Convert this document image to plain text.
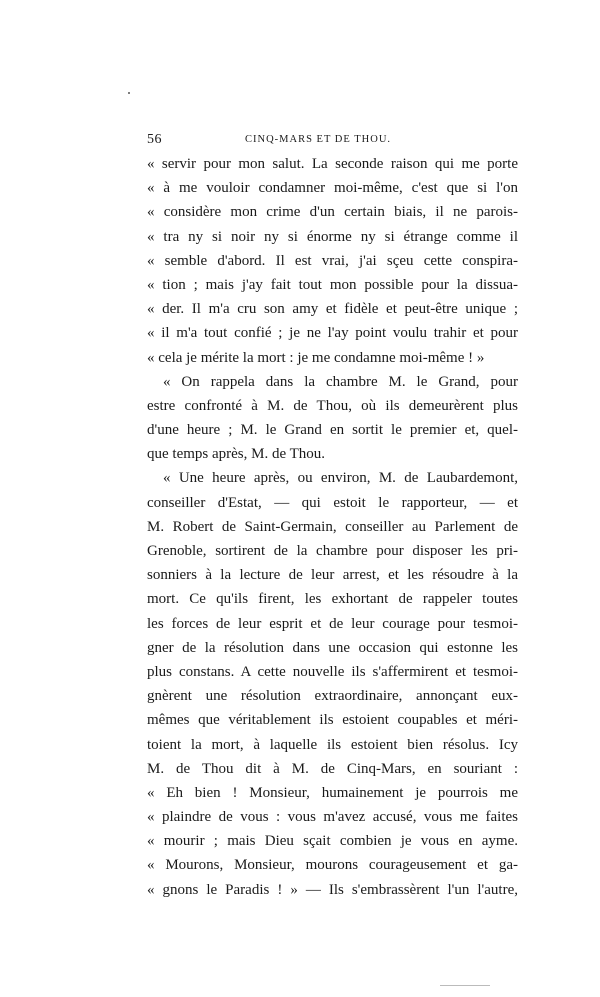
56	CINQ-MARS ET DE THOU.
« servir pour mon salut. La seconde raison qui me porte
« à me vouloir condamner moi-même, c'est que si l'on
« considère mon crime d'un certain biais, il ne parois-
« tra ny si noir ny si énorme ny si étrange comme il
« semble d'abord. Il est vrai, j'ai sçeu cette conspira-
« tion ; mais j'ay fait tout mon possible pour la dissua-
« der. Il m'a cru son amy et fidèle et peut-être unique ;
« il m'a tout confié ; je ne l'ay point voulu trahir et pour
« cela je mérite la mort : je me condamne moi-même ! »
« On rappela dans la chambre M. le Grand, pour
estre confronté à M. de Thou, où ils demeurèrent plus
d'une heure ; M. le Grand en sortit le premier et, quel-
que temps après, M. de Thou.
« Une heure après, ou environ, M. de Laubardemont,
conseiller d'Estat, — qui estoit le rapporteur, — et
M. Robert de Saint-Germain, conseiller au Parlement de
Grenoble, sortirent de la chambre pour disposer les pri-
sonniers à la lecture de leur arrest, et les résoudre à la
mort. Ce qu'ils firent, les exhortant de rappeler toutes
les forces de leur esprit et de leur courage pour tesmoi-
gner de la résolution dans une occasion qui estonne les
plus constans. A cette nouvelle ils s'affermirent et tesmoi-
gnèrent une résolution extraordinaire, annonçant eux-
mêmes que véritablement ils estoient coupables et méri-
toient la mort, à laquelle ils estoient bien résolus. Icy
M. de Thou dit à M. de Cinq-Mars, en souriant :
« Eh bien ! Monsieur, humainement je pourrois me
« plaindre de vous : vous m'avez accusé, vous me faites
« mourir ; mais Dieu sçait combien je vous en ayme.
« Mourons, Monsieur, mourons courageusement et ga-
« gnons le Paradis ! » — Ils s'embrassèrent l'un l'autre,
